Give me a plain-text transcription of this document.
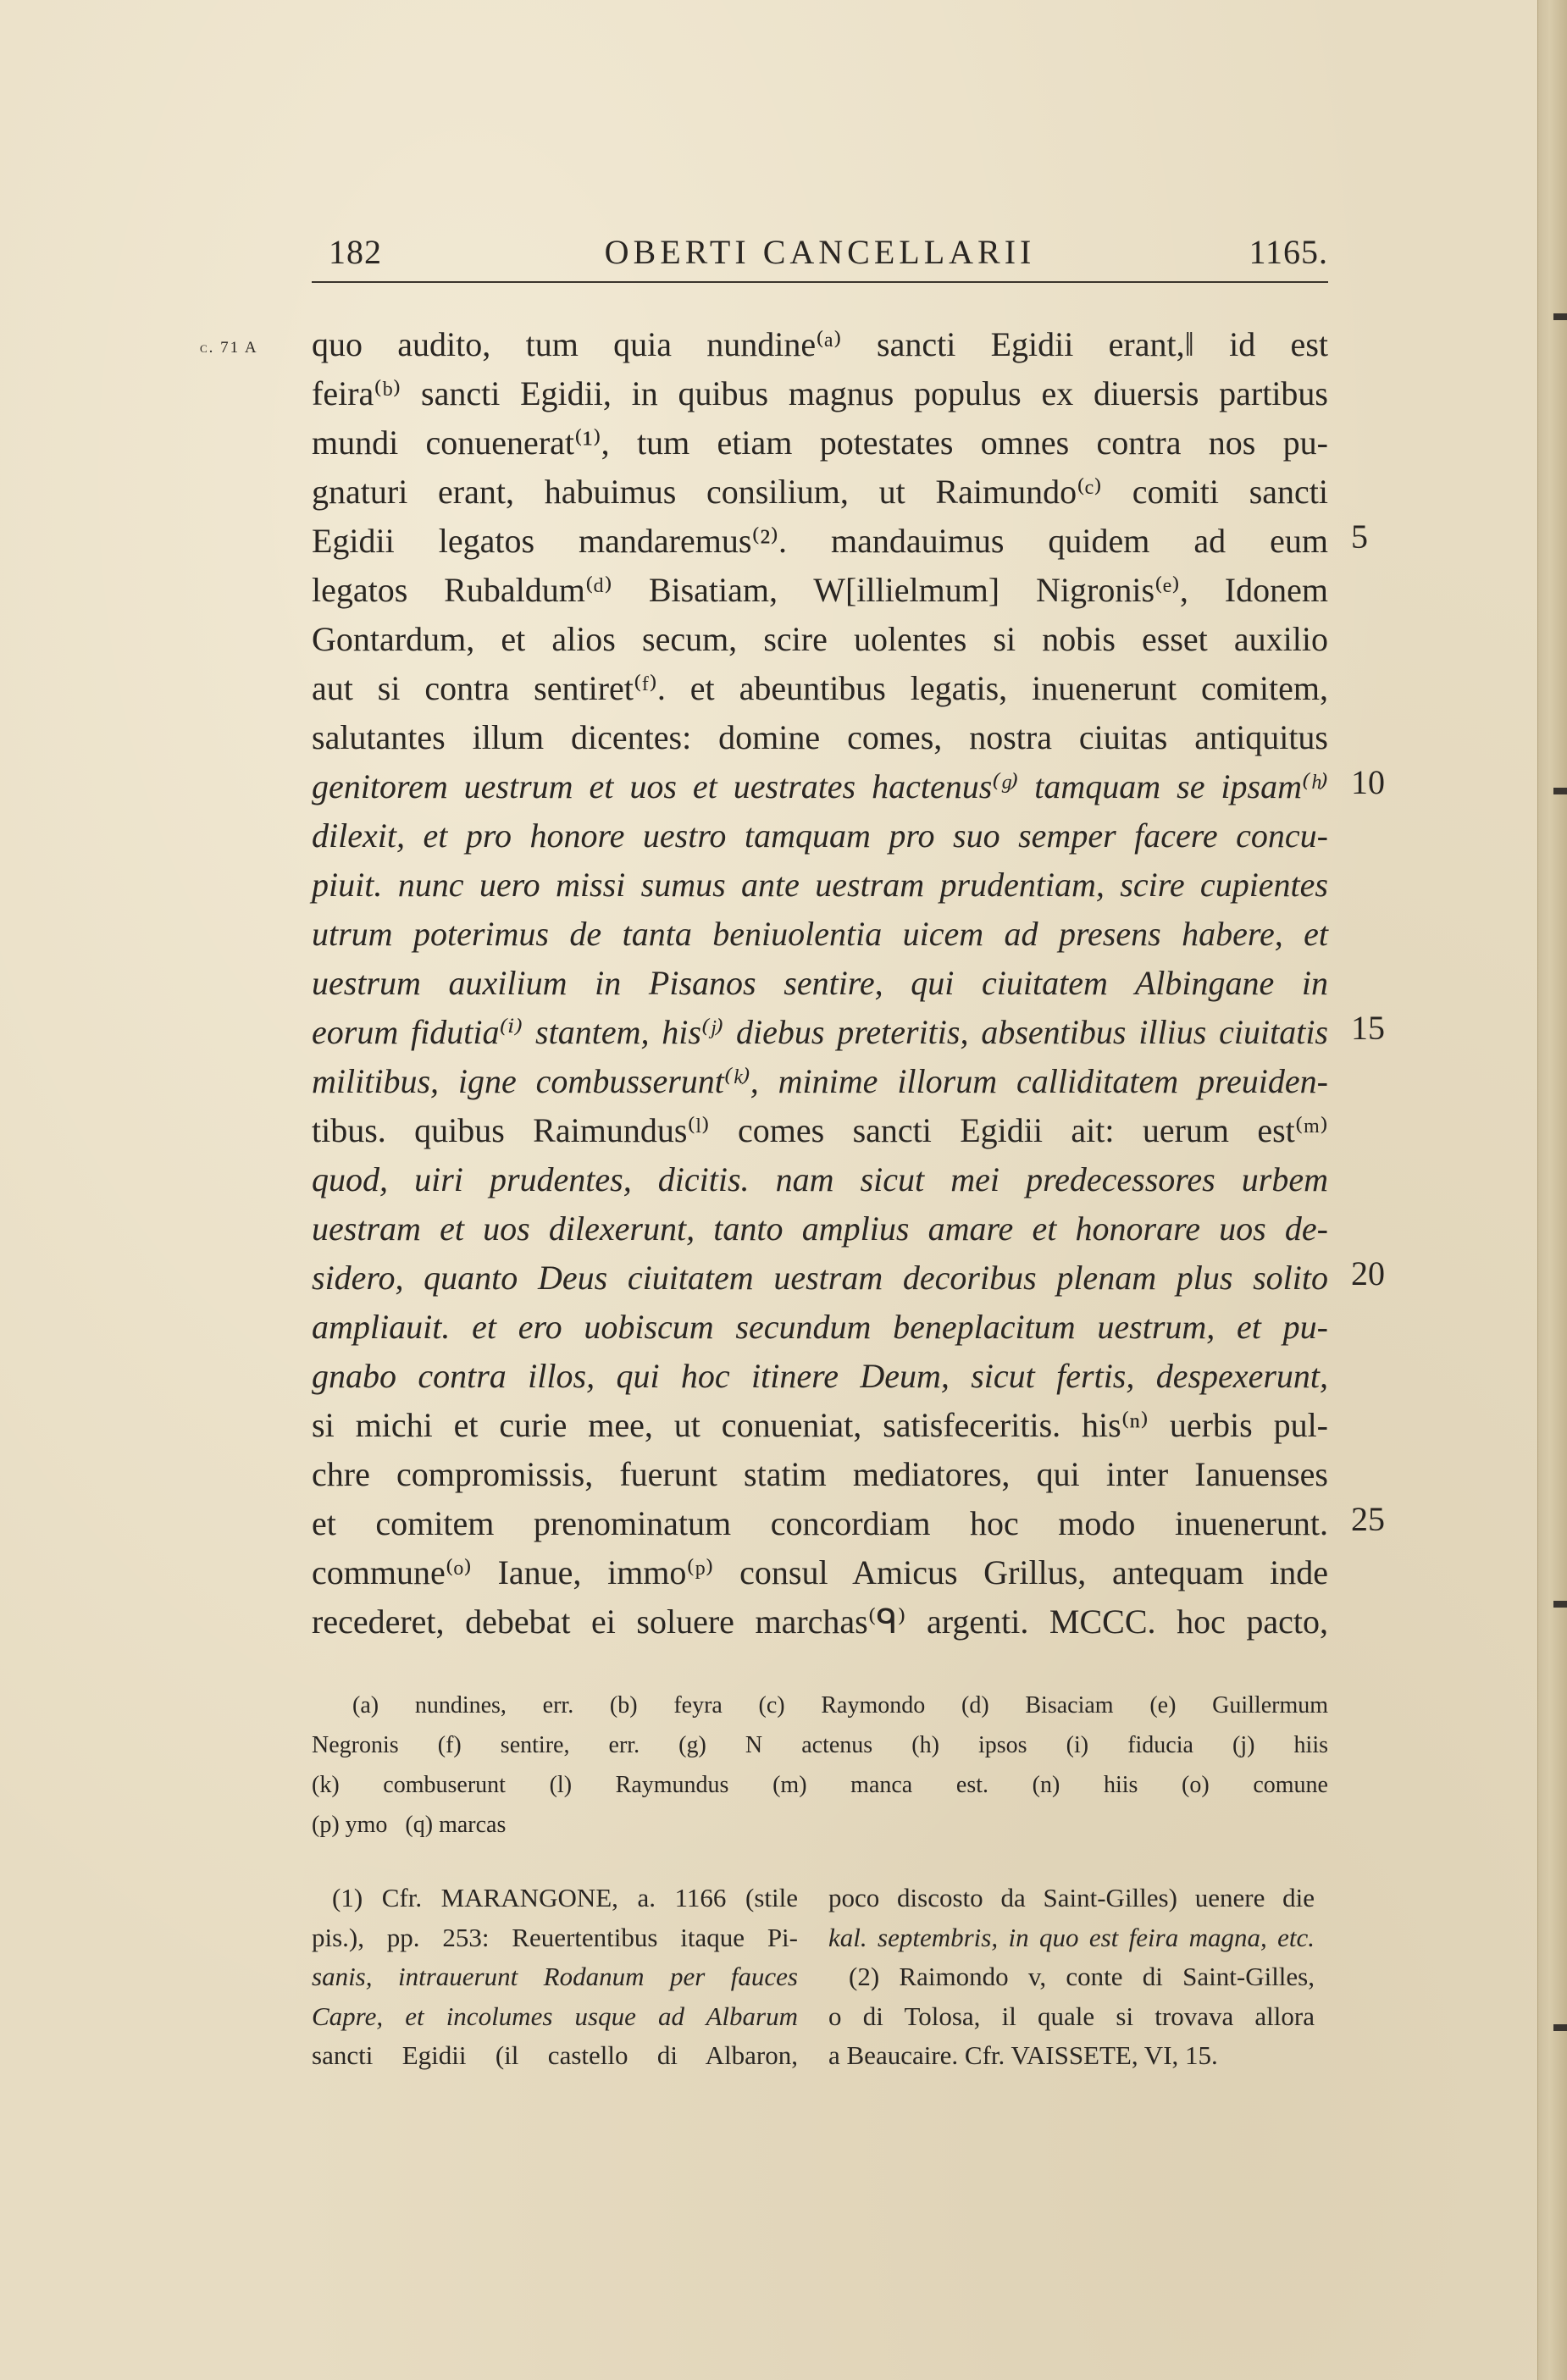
182	OBERTI CANCELLARII	1165.
c. 71 A
5
10
15
20
25
quo audito, tum quia nundine⁽ᵃ⁾ sancti Egidii erant,‖ id est
feira⁽ᵇ⁾ sancti Egidii, in quibus magnus populus ex diuersis partibus
mundi conuenerat⁽¹⁾, tum etiam potestates omnes contra nos pu-
gnaturi erant, habuimus consilium, ut Raimundo⁽ᶜ⁾ comiti sancti
Egidii legatos mandaremus⁽²⁾. mandauimus quidem ad eum
legatos Rubaldum⁽ᵈ⁾ Bisatiam, W[illielmum] Nigronis⁽ᵉ⁾, Idonem
Gontardum, et alios secum, scire uolentes si nobis esset auxilio
aut si contra sentiret⁽ᶠ⁾. et abeuntibus legatis, inuenerunt comitem,
salutantes illum dicentes: domine comes, nostra ciuitas antiquitus
genitorem uestrum et uos et uestrates hactenus⁽ᵍ⁾ tamquam se ipsam⁽ʰ⁾
dilexit, et pro honore uestro tamquam pro suo semper facere concu-
piuit. nunc uero missi sumus ante uestram prudentiam, scire cupientes
utrum poterimus de tanta beniuolentia uicem ad presens habere, et
uestrum auxilium in Pisanos sentire, qui ciuitatem Albingane in
eorum fidutia⁽ⁱ⁾ stantem, his⁽ʲ⁾ diebus preteritis, absentibus illius ciuitatis
militibus, igne combusserunt⁽ᵏ⁾, minime illorum calliditatem preuiden-
tibus. quibus Raimundus⁽ˡ⁾ comes sancti Egidii ait: uerum est⁽ᵐ⁾
quod, uiri prudentes, dicitis. nam sicut mei predecessores urbem
uestram et uos dilexerunt, tanto amplius amare et honorare uos de-
sidero, quanto Deus ciuitatem uestram decoribus plenam plus solito
ampliauit. et ero uobiscum secundum beneplacitum uestrum, et pu-
gnabo contra illos, qui hoc itinere Deum, sicut fertis, despexerunt,
si michi et curie mee, ut conueniat, satisfeceritis. his⁽ⁿ⁾ uerbis pul-
chre compromissis, fuerunt statim mediatores, qui inter Ianuenses
et comitem prenominatum concordiam hoc modo inuenerunt.
commune⁽ᵒ⁾ Ianue, immo⁽ᵖ⁾ consul Amicus Grillus, antequam inde
recederet, debebat ei soluere marchas⁽ᑫ⁾ argenti. MCCC. hoc pacto,
(a) nundines, err. (b) feyra (c) Raymondo (d) Bisaciam (e) Guillermum
Negronis (f) sentire, err. (g) N actenus (h) ipsos (i) fiducia (j) hiis
(k) combuserunt (l) Raymundus (m) manca est. (n) hiis (o) comune
(p) ymo   (q) marcas
(1) Cfr. MARANGONE, a. 1166 (stile
pis.), pp. 253: Reuertentibus itaque Pi-
sanis, intrauerunt Rodanum per fauces
Capre, et incolumes usque ad Albarum
sancti Egidii (il castello di Albaron,
poco discosto da Saint-Gilles) uenere die
kal. septembris, in quo est feira magna, etc.
(2) Raimondo v, conte di Saint-Gilles,
o di Tolosa, il quale si trovava allora
a Beaucaire. Cfr. VAISSETE, VI, 15.
